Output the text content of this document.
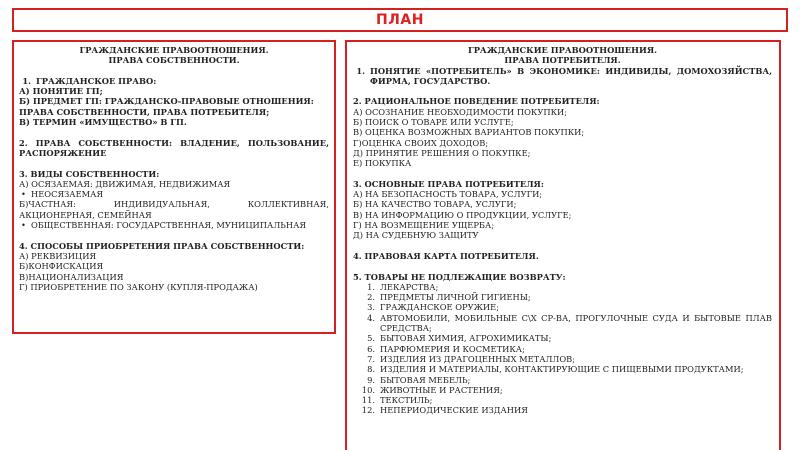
ПЛАН
ГРАЖДАНСКИЕ ПРАВООТНОШЕНИЯ.
ПРАВА СОБСТВЕННОСТИ.
1. ГРАЖДАНСКОЕ ПРАВО:
А) ПОНЯТИЕ ГП;
Б) ПРЕДМЕТ ГП: ГРАЖДАНСКО-ПРАВОВЫЕ ОТНОШЕНИЯ:
ПРАВА СОБСТВЕННОСТИ, ПРАВА ПОТРЕБИТЕЛЯ;
В) ТЕРМИН «ИМУЩЕСТВО» В ГП.
2. ПРАВА СОБСТВЕННОСТИ: ВЛАДЕНИЕ, ПОЛЬЗОВАНИЕ,
РАСПОРЯЖЕНИЕ
3. ВИДЫ СОБСТВЕННОСТИ:
А) ОСЯЗАЕМАЯ: ДВИЖИМАЯ, НЕДВИЖИМАЯ
• НЕОСЯЗАЕМАЯ
Б)ЧАСТНАЯ: ИНДИВИДУАЛЬНАЯ, КОЛЛЕКТИВНАЯ,
АКЦИОНЕРНАЯ, СЕМЕЙНАЯ
• ОБЩЕСТВЕННАЯ: ГОСУДАРСТВЕННАЯ, МУНИЦИПАЛЬНАЯ
4. СПОСОБЫ ПРИОБРЕТЕНИЯ ПРАВА СОБСТВЕННОСТИ:
А) РЕКВИЗИЦИЯ
Б)КОНФИСКАЦИЯ
В)НАЦИОНАЛИЗАЦИЯ
Г) ПРИОБРЕТЕНИЕ ПО ЗАКОНУ (КУПЛЯ-ПРОДАЖА)
ГРАЖДАНСКИЕ ПРАВООТНОШЕНИЯ.
ПРАВА ПОТРЕБИТЕЛЯ.
1. ПОНЯТИЕ «ПОТРЕБИТЕЛЬ» В ЭКОНОМИКЕ: ИНДИВИДЫ, ДОМОХОЗЯЙСТВА,
ФИРМА, ГОСУДАРСТВО.
2. РАЦИОНАЛЬНОЕ ПОВЕДЕНИЕ ПОТРЕБИТЕЛЯ:
А) ОСОЗНАНИЕ НЕОБХОДИМОСТИ ПОКУПКИ;
Б) ПОИСК О ТОВАРЕ ИЛИ УСЛУГЕ;
В) ОЦЕНКА ВОЗМОЖНЫХ ВАРИАНТОВ ПОКУПКИ;
Г)ОЦЕНКА СВОИХ ДОХОДОВ;
Д) ПРИНЯТИЕ РЕШЕНИЯ О ПОКУПКЕ;
Е) ПОКУПКА
3. ОСНОВНЫЕ ПРАВА ПОТРЕБИТЕЛЯ:
А) НА БЕЗОПАСНОСТЬ ТОВАРА, УСЛУГИ;
Б) НА КАЧЕСТВО ТОВАРА, УСЛУГИ;
В) НА ИНФОРМАЦИЮ О ПРОДУКЦИИ, УСЛУГЕ;
Г) НА ВОЗМЕЩЕНИЕ УЩЕРБА;
Д) НА СУДЕБНУЮ ЗАЩИТУ
4. ПРАВОВАЯ КАРТА ПОТРЕБИТЕЛЯ.
5. ТОВАРЫ НЕ ПОДЛЕЖАЩИЕ ВОЗВРАТУ:
1. ЛЕКАРСТВА;
2. ПРЕДМЕТЫ ЛИЧНОЙ ГИГИЕНЫ;
3. ГРАЖДАНСКОЕ ОРУЖИЕ;
4. АВТОМОБИЛИ, МОБИЛЬНЫЕ С\Х СР-ВА, ПРОГУЛОЧНЫЕ СУДА И БЫТОВЫЕ ПЛАВ
СРЕДСТВА;
5. БЫТОВАЯ ХИМИЯ, АГРОХИМИКАТЫ;
6. ПАРФЮМЕРИЯ И КОСМЕТИКА;
7. ИЗДЕЛИЯ ИЗ ДРАГОЦЕННЫХ МЕТАЛЛОВ;
8. ИЗДЕЛИЯ И МАТЕРИАЛЫ, КОНТАКТИРУЮЩИЕ С ПИЩЕВЫМИ ПРОДУКТАМИ;
9. БЫТОВАЯ МЕБЕЛЬ;
10. ЖИВОТНЫЕ И РАСТЕНИЯ;
11. ТЕКСТИЛЬ;
12. НЕПЕРИОДИЧЕСКИЕ ИЗДАНИЯ
